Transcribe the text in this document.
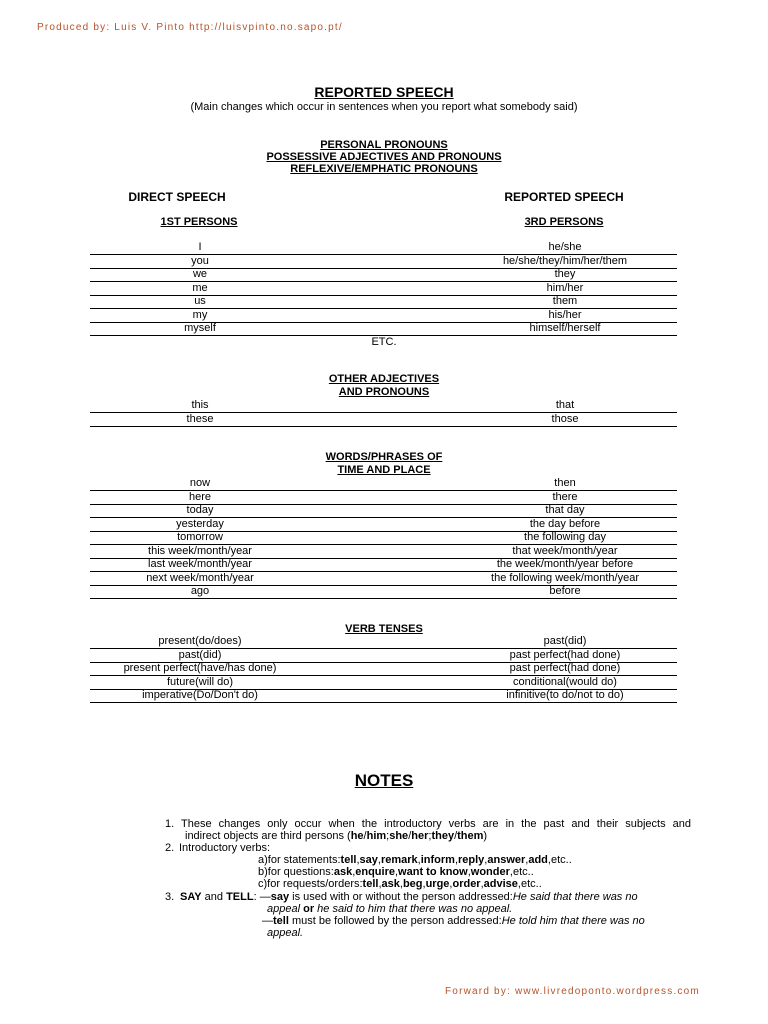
Produced by: Luis V. Pinto http://luisvpinto.no.sapo.pt/
REPORTED SPEECH
(Main changes which occur in sentences when you report what somebody said)
PERSONAL PRONOUNS
POSSESSIVE ADJECTIVES AND PRONOUNS
REFLEXIVE/EMPHATIC PRONOUNS
DIRECT SPEECH	REPORTED SPEECH
1ST PERSONS	3RD PERSONS
I	he/she
you	he/she/they/him/her/them
we	they
me	him/her
us	them
my	his/her
myself	himself/herself
ETC.
OTHER ADJECTIVES
AND PRONOUNS
this	that
these	those
WORDS/PHRASES OF
TIME AND PLACE
now	then
here	there
today	that day
yesterday	the day before
tomorrow	the following day
this week/month/year	that week/month/year
last week/month/year	the week/month/year before
next week/month/year	the following week/month/year
ago	before
VERB TENSES
present(do/does)	past(did)
past(did)	past perfect(had done)
present perfect(have/has done)	past perfect(had done)
future(will do)	conditional(would do)
imperative(Do/Don't do)	infinitive(to do/not to do)
NOTES
1. These changes only occur when the introductory verbs are in the past and their subjects and
indirect objects are third persons (he/him;she/her;they/them)
2. Introductory verbs:
a)for statements:tell,say,remark,inform,reply,answer,add,etc..
b)for questions:ask,enquire,want to know,wonder,etc..
c)for requests/orders:tell,ask,beg,urge,order,advise,etc..
3. SAY and TELL: —say is used with or without the person addressed:He said that there was no
appeal or he said to him that there was no appeal.
—tell must be followed by the person addressed:He told him that there was no
appeal.
Forward by: www.livredoponto.wordpress.com
